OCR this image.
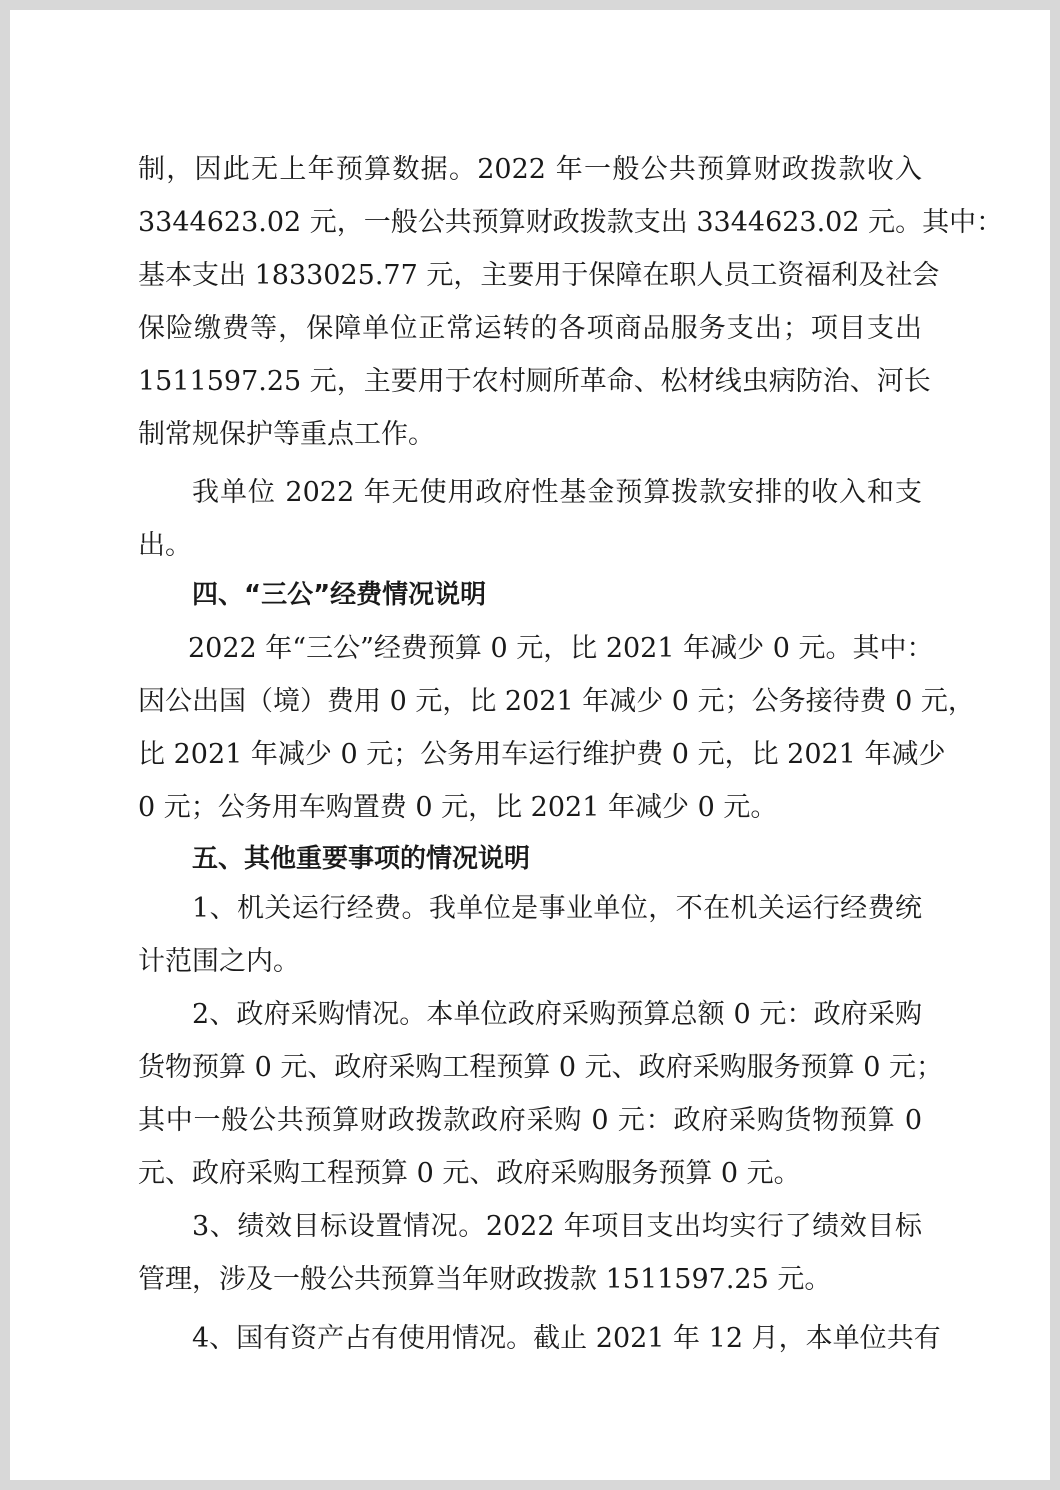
制，因此无上年预算数据。2022 年一般公共预算财政拨款收入

3344623.02 元，一般公共预算财政拨款支出 3344623.02 元。其中：

基本支出 1833025.77 元，主要用于保障在职人员工资福利及社会

保险缴费等，保障单位正常运转的各项商品服务支出；项目支出

1511597.25 元，主要用于农村厕所革命、松材线虫病防治、河长

制常规保护等重点工作。

我单位 2022 年无使用政府性基金预算拨款安排的收入和支

出。

四、“三公”经费情况说明

2022 年“三公”经费预算 0 元，比 2021 年减少 0 元。其中：

因公出国（境）费用 0 元，比 2021 年减少 0 元；公务接待费 0 元，

比 2021 年减少 0 元；公务用车运行维护费 0 元，比 2021 年减少

0 元；公务用车购置费 0 元，比 2021 年减少 0 元。

五、其他重要事项的情况说明

1、机关运行经费。我单位是事业单位，不在机关运行经费统

计范围之内。

2、政府采购情况。本单位政府采购预算总额 0 元：政府采购

货物预算 0 元、政府采购工程预算 0 元、政府采购服务预算 0 元；

其中一般公共预算财政拨款政府采购 0 元：政府采购货物预算 0

元、政府采购工程预算 0 元、政府采购服务预算 0 元。

3、绩效目标设置情况。2022 年项目支出均实行了绩效目标

管理，涉及一般公共预算当年财政拨款 1511597.25 元。

4、国有资产占有使用情况。截止 2021 年 12 月，本单位共有
